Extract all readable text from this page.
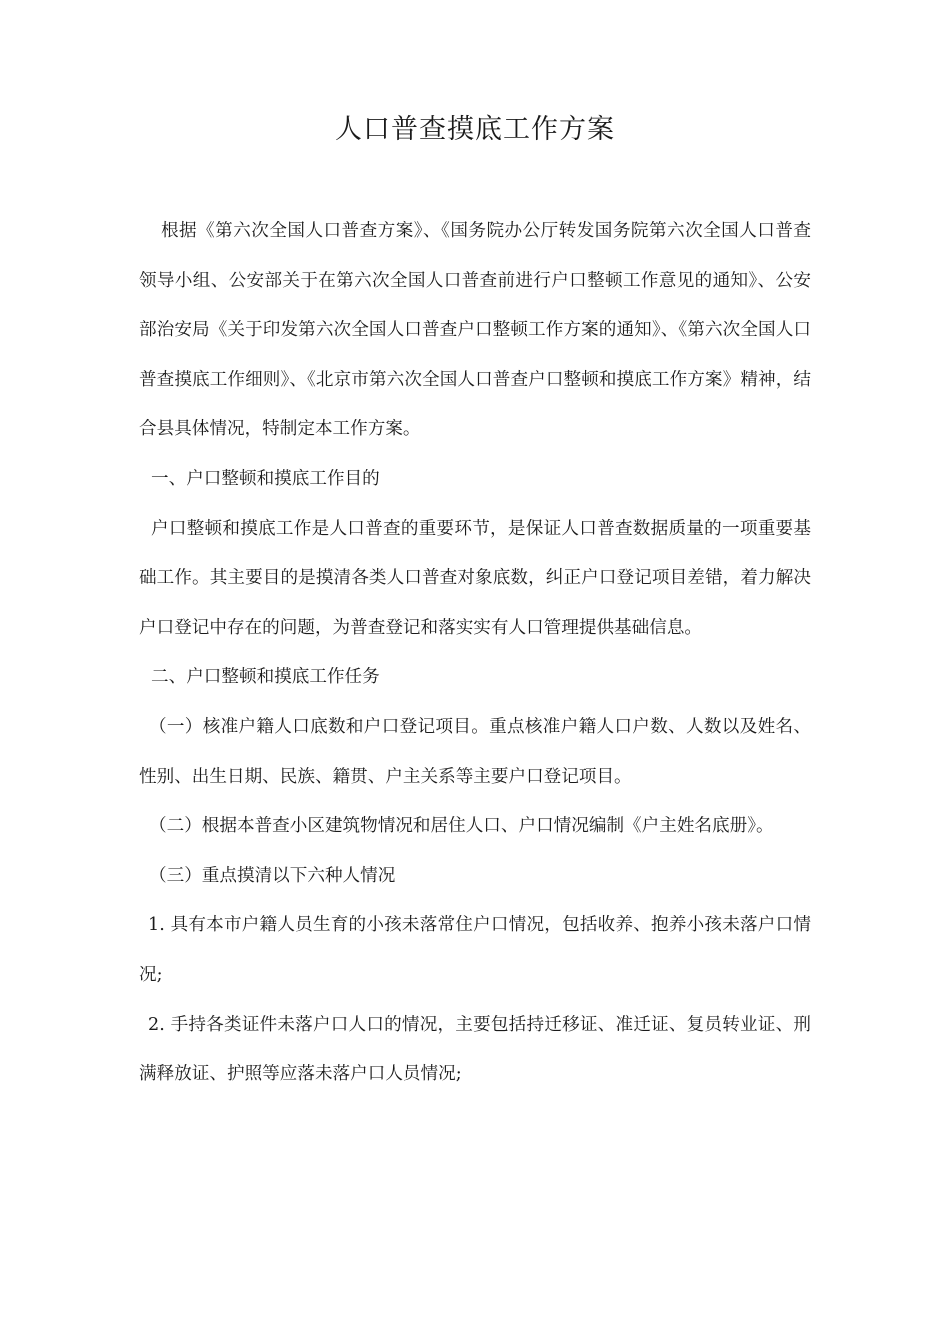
人口普查摸底工作方案

根据《第六次全国人口普查方案》、《国务院办公厅转发国务院第六次全国人口普查领导小组、公安部关于在第六次全国人口普查前进行户口整顿工作意见的通知》、公安部治安局《关于印发第六次全国人口普查户口整顿工作方案的通知》、《第六次全国人口普查摸底工作细则》、《北京市第六次全国人口普查户口整顿和摸底工作方案》精神，结合县具体情况，特制定本工作方案。

一、户口整顿和摸底工作目的

户口整顿和摸底工作是人口普查的重要环节，是保证人口普查数据质量的一项重要基础工作。其主要目的是摸清各类人口普查对象底数，纠正户口登记项目差错，着力解决户口登记中存在的问题，为普查登记和落实实有人口管理提供基础信息。

二、户口整顿和摸底工作任务

（一）核准户籍人口底数和户口登记项目。重点核准户籍人口户数、人数以及姓名、性别、出生日期、民族、籍贯、户主关系等主要户口登记项目。

（二）根据本普查小区建筑物情况和居住人口、户口情况编制《户主姓名底册》。

（三）重点摸清以下六种人情况

1. 具有本市户籍人员生育的小孩未落常住户口情况，包括收养、抱养小孩未落户口情况;

2. 手持各类证件未落户口人口的情况，主要包括持迁移证、准迁证、复员转业证、刑满释放证、护照等应落未落户口人员情况;
